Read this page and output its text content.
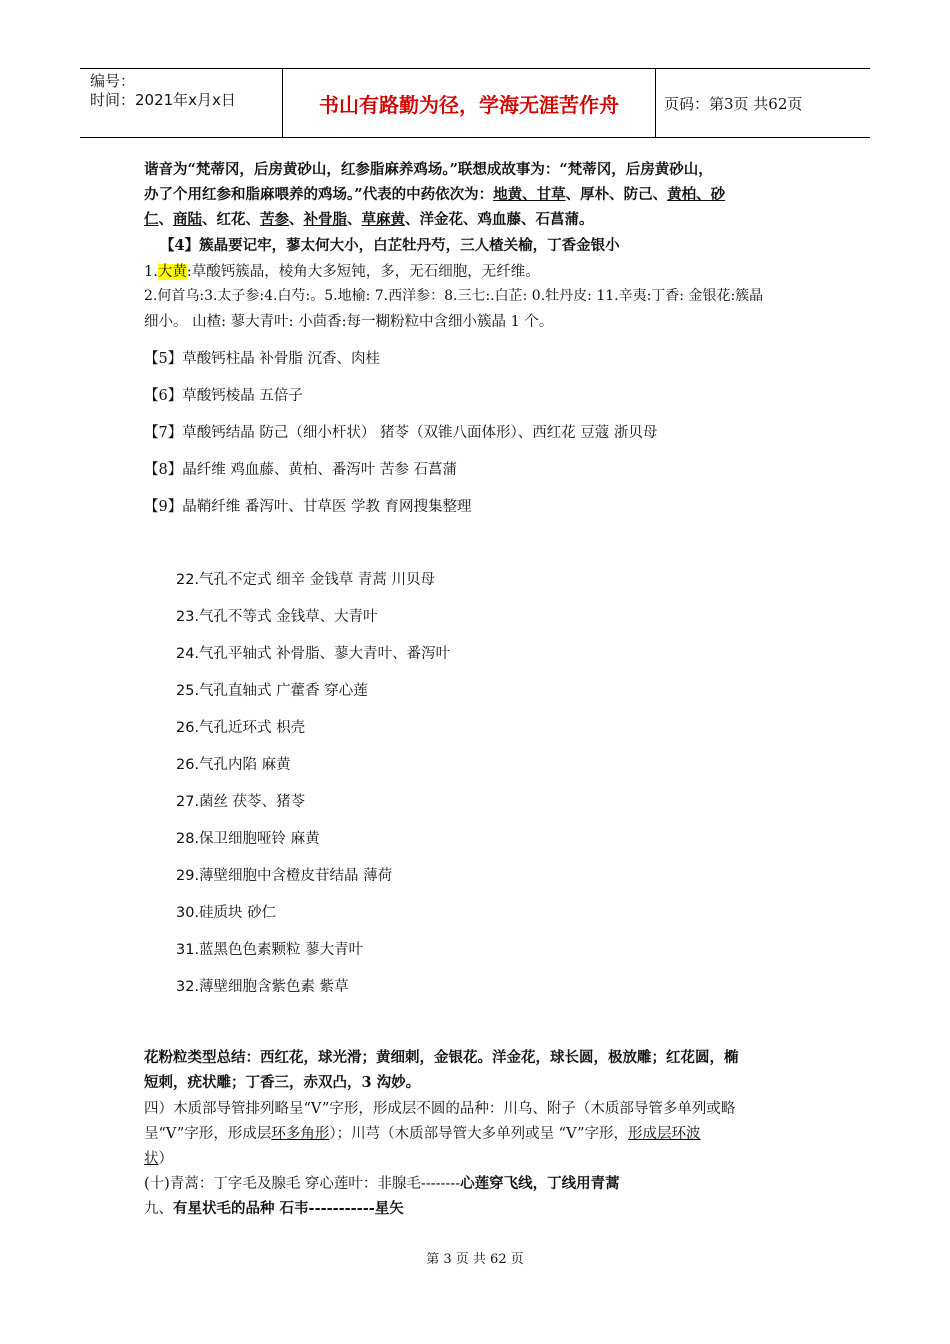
编号：
时间：2021年x月x日	书山有路勤为径，学海无涯苦作舟	页码：第3页 共62页
谐音为“梵蒂冈，后房黄砂山，红参脂麻养鸡场。”联想成故事为：“梵蒂冈，后房黄砂山，
办了个用红参和脂麻喂养的鸡场。”代表的中药依次为：地黄、甘草、厚朴、防己、黄柏、砂
仁、商陆、红花、苦参、补骨脂、草麻黄、洋金花、鸡血藤、石菖蒲。
【4】簇晶要记牢，蓼太何大小，白芷牡丹芍，三人楂关榆，丁香金银小
1.大黄:草酸钙簇晶，棱角大多短钝，多，无石细胞，无纤维。
2.何首乌:3.太子参:4.白芍:。5.地榆: 7.西洋参：8.三七:.白芷: 0.牡丹皮: 11.辛夷:丁香: 金银花:簇晶
细小。 山楂: 蓼大青叶: 小茴香:每一糊粉粒中含细小簇晶 1 个。
【5】草酸钙柱晶 补骨脂 沉香、肉桂
【6】草酸钙棱晶 五倍子
【7】草酸钙结晶 防己（细小杆状） 猪苓（双锥八面体形）、西红花 豆蔻 浙贝母
【8】晶纤维 鸡血藤、黄柏、番泻叶 苦参 石菖蒲
【9】晶鞘纤维 番泻叶、甘草医 学教 育网搜集整理
22.气孔不定式 细辛 金钱草 青蒿 川贝母
23.气孔不等式 金钱草、大青叶
24.气孔平轴式 补骨脂、蓼大青叶、番泻叶
25.气孔直轴式 广藿香 穿心莲
26.气孔近环式 枳壳
26.气孔内陷 麻黄
27.菌丝 茯苓、猪苓
28.保卫细胞哑铃 麻黄
29.薄壁细胞中含橙皮苷结晶 薄荷
30.硅质块 砂仁
31.蓝黑色色素颗粒 蓼大青叶
32.薄壁细胞含紫色素 紫草
花粉粒类型总结：西红花，球光滑；黄细刺，金银花。洋金花，球长圆，极放雕；红花圆，椭
短刺，疣状雕；丁香三，赤双凸，3 沟妙。
四）木质部导管排列略呈“V”字形，形成层不圆的品种：川乌、附子（木质部导管多单列或略
呈“V”字形，形成层环多角形）；川芎（木质部导管大多单列或呈 “V”字形，形成层环波
状）
(十)青蒿：丁字毛及腺毛 穿心莲叶：非腺毛--------心莲穿飞线，丁线用青蒿
九、有星状毛的品种 石韦-----------星矢
第 3 页 共 62 页
